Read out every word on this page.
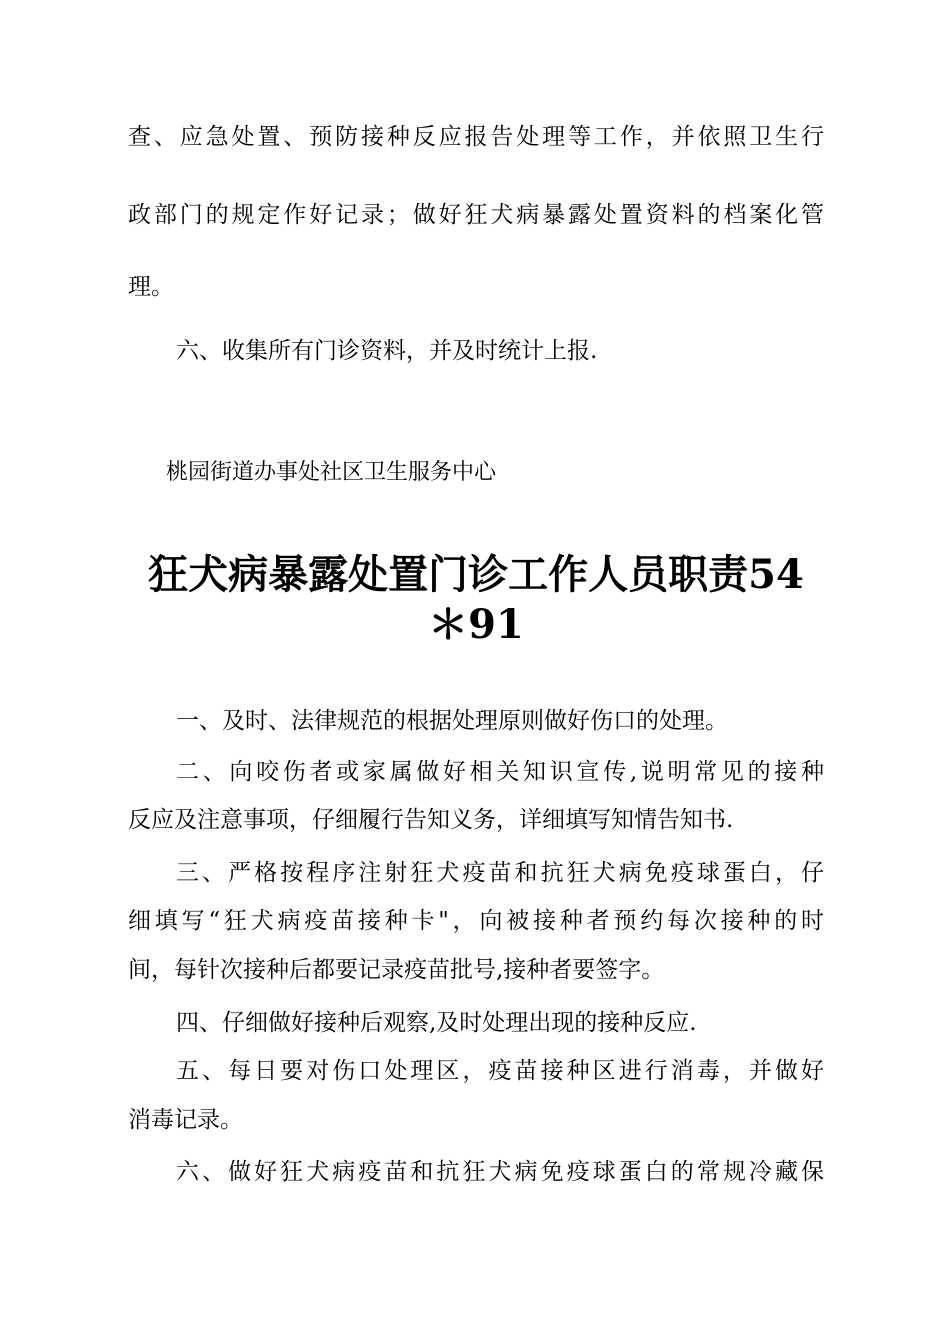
查、应急处置、预防接种反应报告处理等工作，并依照卫生行
政部门的规定作好记录；做好狂犬病暴露处置资料的档案化管
理。
六、收集所有门诊资料，并及时统计上报.
桃园街道办事处社区卫生服务中心
狂犬病暴露处置门诊工作人员职责54
＊91
一、及时、法律规范的根据处理原则做好伤口的处理。
二、向咬伤者或家属做好相关知识宣传,说明常见的接种
反应及注意事项，仔细履行告知义务，详细填写知情告知书.
三、严格按程序注射狂犬疫苗和抗狂犬病免疫球蛋白，仔
细填写“狂犬病疫苗接种卡"，向被接种者预约每次接种的时
间，每针次接种后都要记录疫苗批号,接种者要签字。
四、仔细做好接种后观察,及时处理出现的接种反应.
五、每日要对伤口处理区，疫苗接种区进行消毒，并做好
消毒记录。
六、做好狂犬病疫苗和抗狂犬病免疫球蛋白的常规冷藏保
